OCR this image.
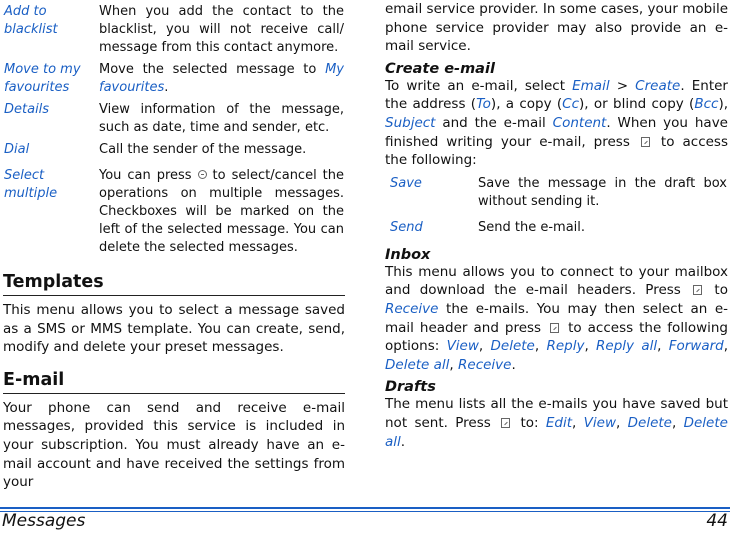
Add to blacklist	When you add the contact to the blacklist, you will not receive call/ message from this contact anymore.
Move to my favourites	Move the selected message to My favourites.
Details	View information of the message, such as date, time and sender, etc.
Dial	Call the sender of the message.
Select multiple	You can press  to select/cancel the operations on multiple messages. Checkboxes will be marked on the left of the selected message. You can delete the selected messages.
Templates

This menu allows you to select a message saved as a SMS or MMS template. You can create, send, modify and delete your preset messages.

E-mail

Your phone can send and receive e-mail messages, provided this service is included in your subscription. You must already have an e-mail account and have received the settings from your

email service provider. In some cases, your mobile phone service provider may also provide an e-mail service.

Create e-mail

To write an e-mail, select Email > Create. Enter the address (To), a copy (Cc), or blind copy (Bcc), Subject and the e-mail Content. When you have finished writing your e-mail, press  to access the following:

Save	Save the message in the draft box without sending it.
Send	Send the e-mail.
Inbox

This menu allows you to connect to your mailbox and download the e-mail headers. Press  to Receive the e-mails. You may then select an e-mail header and press  to access the following options: View, Delete, Reply, Reply all, Forward, Delete all, Receive.

Drafts

The menu lists all the e-mails you have saved but not sent. Press  to: Edit, View, Delete, Delete all.

Messages	44
